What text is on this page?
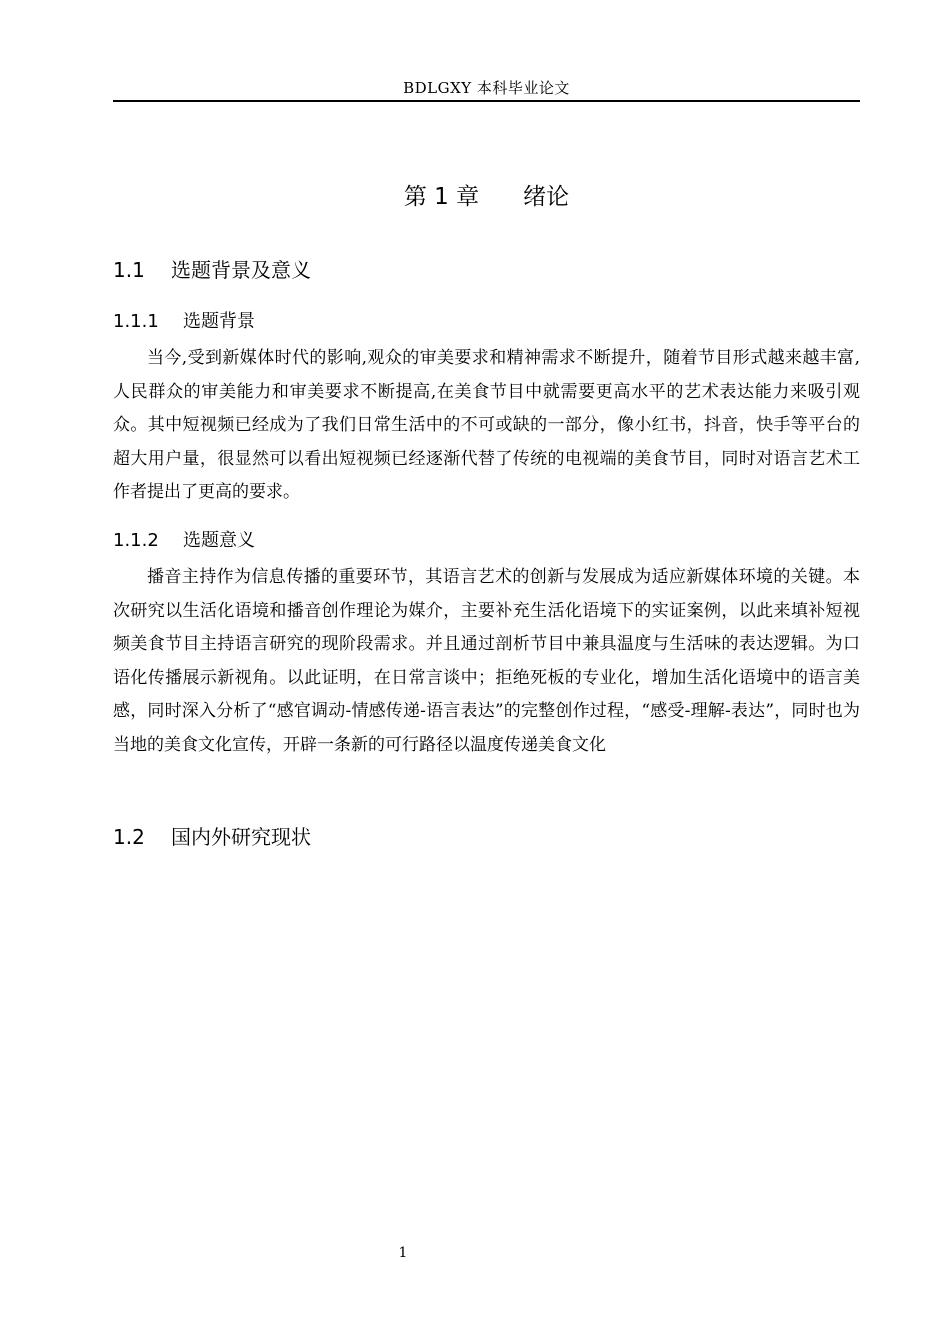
BDLGXY 本科毕业论文
第 1 章 绪论
1.1 选题背景及意义
1.1.1 选题背景
当今,受到新媒体时代的影响,观众的审美要求和精神需求不断提升，随着节目形式越来越丰富,人民群众的审美能力和审美要求不断提高,在美食节目中就需要更高水平的艺术表达能力来吸引观众。其中短视频已经成为了我们日常生活中的不可或缺的一部分，像小红书，抖音，快手等平台的超大用户量，很显然可以看出短视频已经逐渐代替了传统的电视端的美食节目，同时对语言艺术工作者提出了更高的要求。
1.1.2 选题意义
播音主持作为信息传播的重要环节，其语言艺术的创新与发展成为适应新媒体环境的关键。本次研究以生活化语境和播音创作理论为媒介，主要补充生活化语境下的实证案例，以此来填补短视频美食节目主持语言研究的现阶段需求。并且通过剖析节目中兼具温度与生活味的表达逻辑。为口语化传播展示新视角。以此证明，在日常言谈中；拒绝死板的专业化，增加生活化语境中的语言美感，同时深入分析了“感官调动-情感传递-语言表达”的完整创作过程，“感受-理解-表达”，同时也为当地的美食文化宣传，开辟一条新的可行路径以温度传递美食文化
1.2 国内外研究现状
1
